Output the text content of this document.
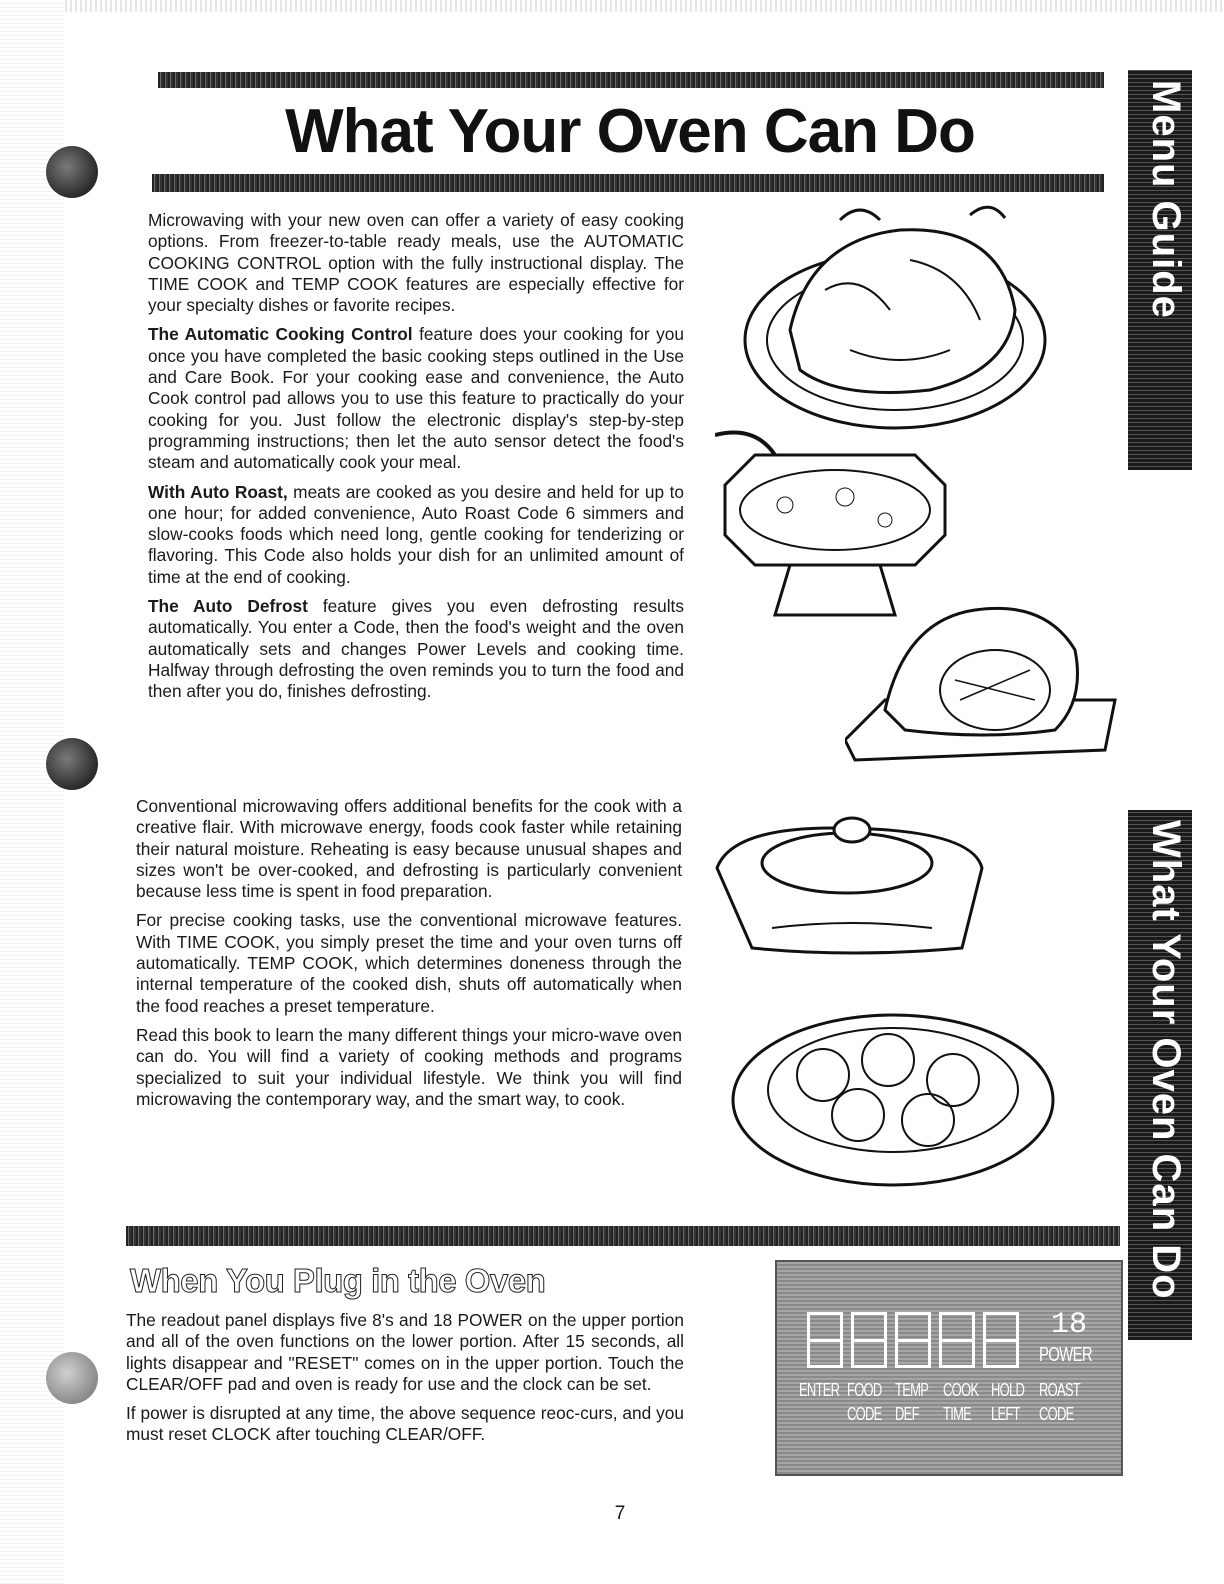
What Your Oven Can Do

Microwaving with your new oven can offer a variety of easy cooking options. From freezer-to-table ready meals, use the AUTOMATIC COOKING CONTROL option with the fully instructional display. The TIME COOK and TEMP COOK features are especially effective for your specialty dishes or favorite recipes.

The Automatic Cooking Control feature does your cooking for you once you have completed the basic cooking steps outlined in the Use and Care Book. For your cooking ease and convenience, the Auto Cook control pad allows you to use this feature to practically do your cooking for you. Just follow the electronic display's step-by-step programming instructions; then let the auto sensor detect the food's steam and automatically cook your meal.

With Auto Roast, meats are cooked as you desire and held for up to one hour; for added convenience, Auto Roast Code 6 simmers and slow-cooks foods which need long, gentle cooking for tenderizing or flavoring. This Code also holds your dish for an unlimited amount of time at the end of cooking.

The Auto Defrost feature gives you even defrosting results automatically. You enter a Code, then the food's weight and the oven automatically sets and changes Power Levels and cooking time. Halfway through defrosting the oven reminds you to turn the food and then after you do, finishes defrosting.

Conventional microwaving offers additional benefits for the cook with a creative flair. With microwave energy, foods cook faster while retaining their natural moisture. Reheating is easy because unusual shapes and sizes won't be over-cooked, and defrosting is particularly convenient because less time is spent in food preparation.

For precise cooking tasks, use the conventional microwave features. With TIME COOK, you simply preset the time and your oven turns off automatically. TEMP COOK, which determines doneness through the internal temperature of the cooked dish, shuts off automatically when the food reaches a preset temperature.

Read this book to learn the many different things your micro-wave oven can do. You will find a variety of cooking methods and programs specialized to suit your individual lifestyle. We think you will find microwaving the contemporary way, and the smart way, to cook.

When You Plug in the Oven

The readout panel displays five 8's and 18 POWER on the upper portion and all of the oven functions on the lower portion. After 15 seconds, all lights disappear and "RESET" comes on in the upper portion. Touch the CLEAR/OFF pad and oven is ready for use and the clock can be set.

If power is disrupted at any time, the above sequence reoc-curs, and you must reset CLOCK after touching CLEAR/OFF.

18
POWER
ENTER FOOD TEMP COOK HOLD ROAST
CODE DEF	TIME LEFT CODE
Menu Guide
What Your Oven Can Do
7
